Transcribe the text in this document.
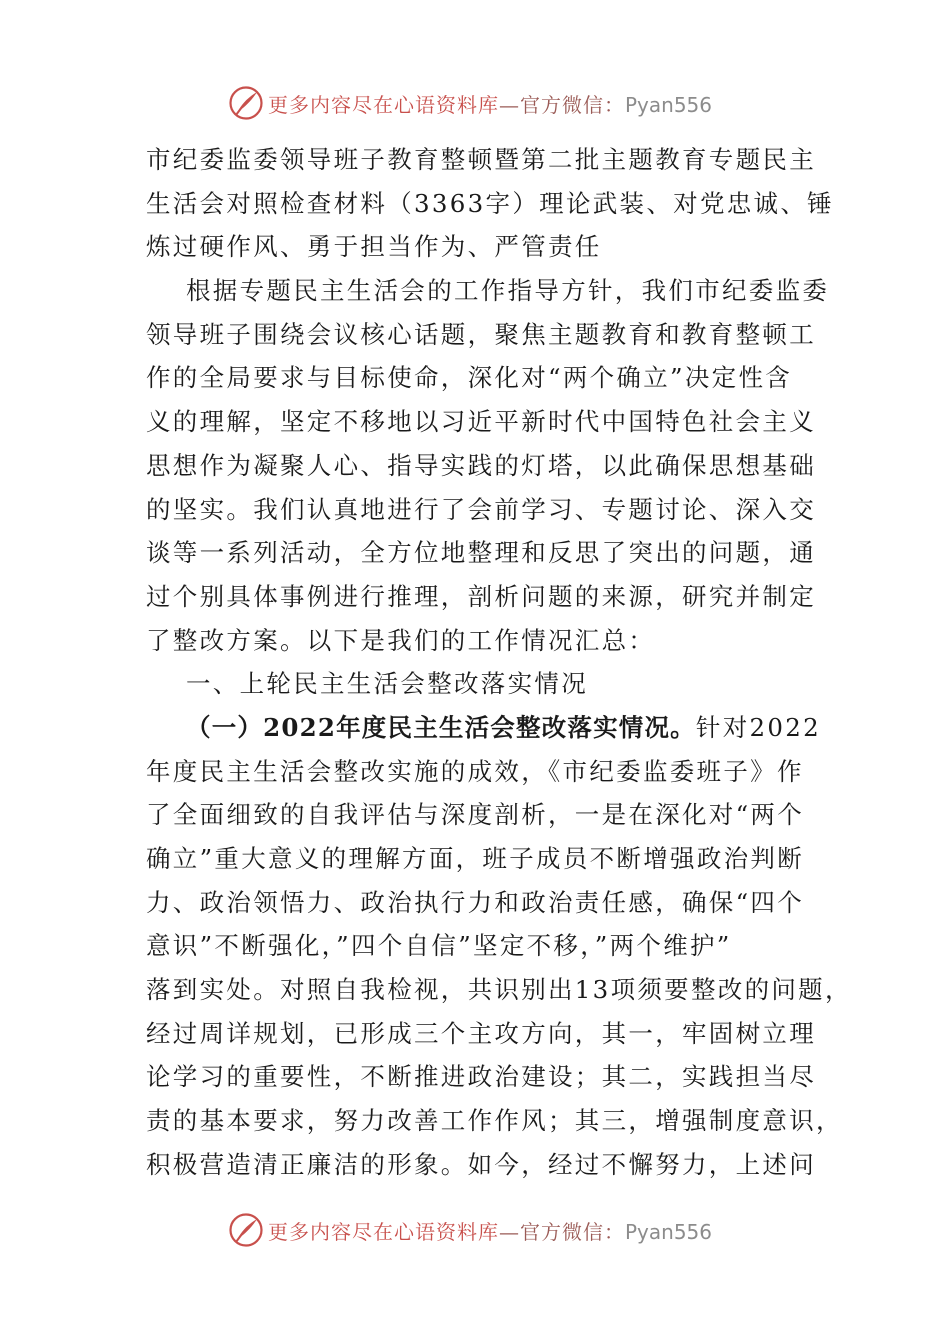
更多内容尽在心语资料库—官方微信：Pyan556
市纪委监委领导班子教育整顿暨第二批主题教育专题民主
生活会对照检查材料（3363字）理论武装、对党忠诚、锤
炼过硬作风、勇于担当作为、严管责任
根据专题民主生活会的工作指导方针，我们市纪委监委
领导班子围绕会议核心话题，聚焦主题教育和教育整顿工
作的全局要求与目标使命，深化对“两个确立”决定性含
义的理解，坚定不移地以习近平新时代中国特色社会主义
思想作为凝聚人心、指导实践的灯塔，以此确保思想基础
的坚实。我们认真地进行了会前学习、专题讨论、深入交
谈等一系列活动，全方位地整理和反思了突出的问题，通
过个别具体事例进行推理，剖析问题的来源，研究并制定
了整改方案。以下是我们的工作情况汇总：
一、上轮民主生活会整改落实情况
（一）2022年度民主生活会整改落实情况。针对2022
年度民主生活会整改实施的成效，《市纪委监委班子》作
了全面细致的自我评估与深度剖析，一是在深化对“两个
确立”重大意义的理解方面，班子成员不断增强政治判断
力、政治领悟力、政治执行力和政治责任感，确保“四个
意识”不断强化，”四个自信”坚定不移，”两个维护”
落到实处。对照自我检视，共识别出13项须要整改的问题，
经过周详规划，已形成三个主攻方向，其一，牢固树立理
论学习的重要性，不断推进政治建设；其二，实践担当尽
责的基本要求，努力改善工作作风；其三，增强制度意识，
积极营造清正廉洁的形象。如今，经过不懈努力，上述问
更多内容尽在心语资料库—官方微信：Pyan556
